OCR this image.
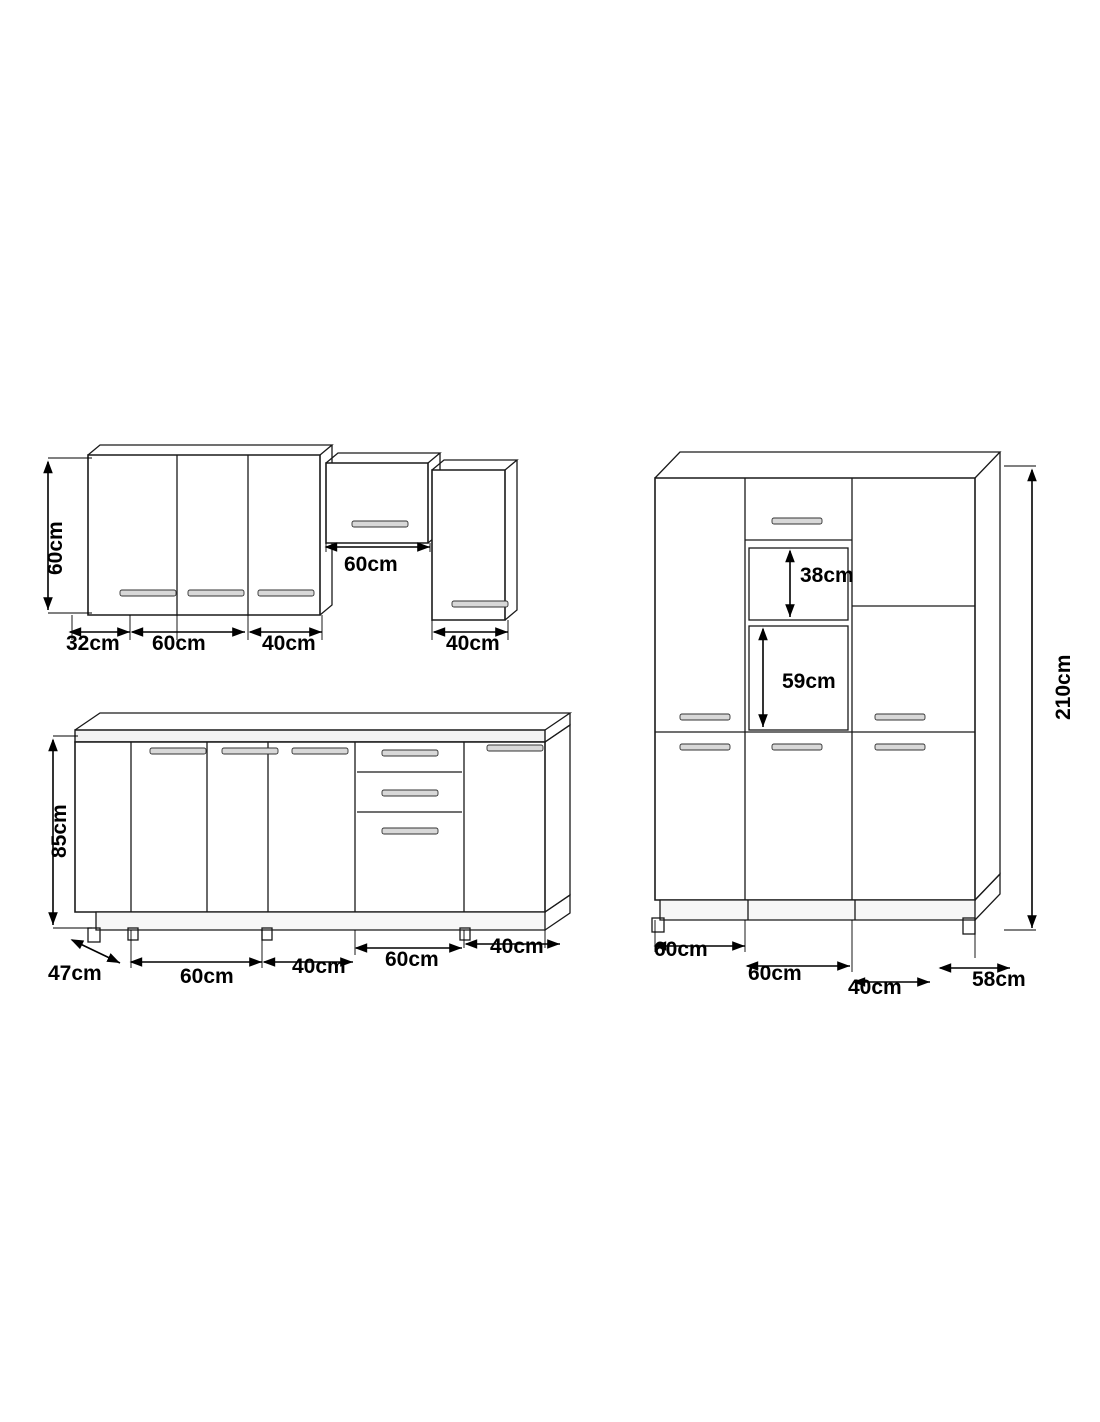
60cm
32cm 60cm	40cm
60cm
40cm
85cm
47cm	60cm	40cm 60cm
40cm
210cm
38cm
59cm
60cm
60cm
40cm	58cm
